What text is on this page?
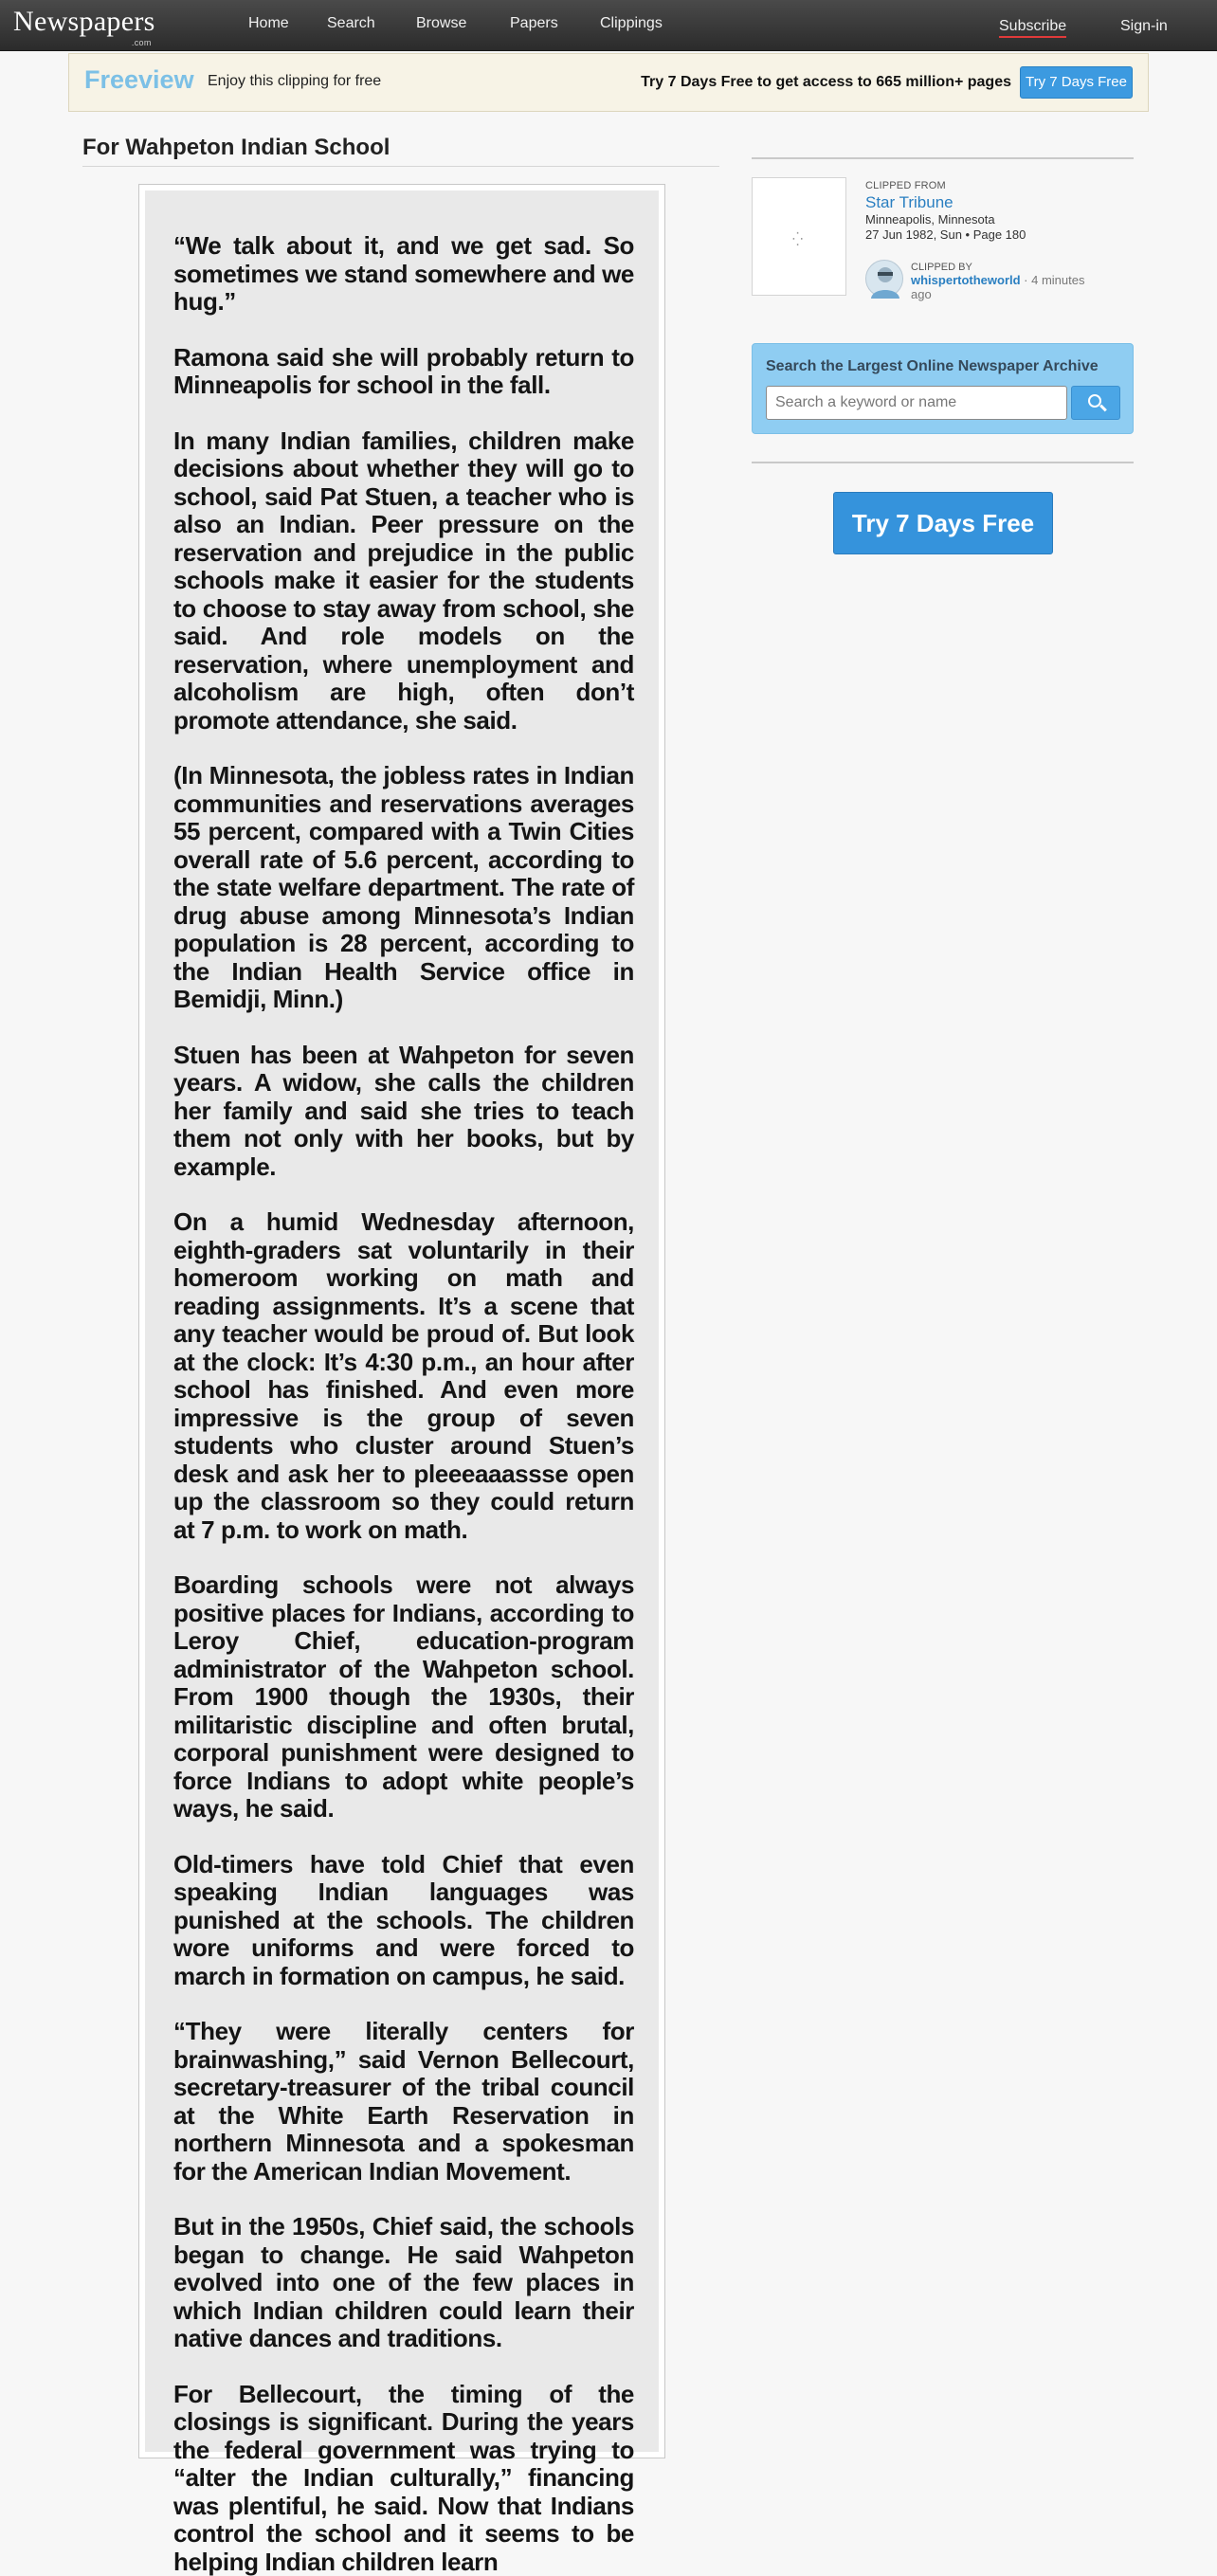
Newspapers
.com
Home	Search	Browse	Papers	Clippings	Subscribe	Sign-in
Freeview Enjoy this clipping for free	Try 7 Days Free to get access to 665 million+ pages	Try 7 Days Free
For Wahpeton Indian School

“We talk about it, and we get sad. So sometimes we stand somewhere and we hug.”

Ramona said she will probably return to Minneapolis for school in the fall.

In many Indian families, children make decisions about whether they will go to school, said Pat Stuen, a teacher who is also an Indian. Peer pressure on the reservation and prejudice in the public schools make it easier for the students to choose to stay away from school, she said. And role models on the reservation, where unemployment and alcoholism are high, often don’t promote attendance, she said.

(In Minnesota, the jobless rates in Indian communities and reservations averages 55 percent, compared with a Twin Cities overall rate of 5.6 percent, according to the state welfare department. The rate of drug abuse among Minnesota’s Indian population is 28 percent, according to the Indian Health Service office in Bemidji, Minn.)

Stuen has been at Wahpeton for seven years. A widow, she calls the children her family and said she tries to teach them not only with her books, but by example.

On a humid Wednesday afternoon, eighth-graders sat voluntarily in their homeroom working on math and reading assignments. It’s a scene that any teacher would be proud of. But look at the clock: It’s 4:30 p.m., an hour after school has finished. And even more impressive is the group of seven students who cluster around Stuen’s desk and ask her to pleeeaaassse open up the classroom so they could return at 7 p.m. to work on math.

Boarding schools were not always positive places for Indians, according to Leroy Chief, education-program administrator of the Wahpeton school. From 1900 though the 1930s, their militaristic discipline and often brutal, corporal punishment were designed to force Indians to adopt white people’s ways, he said.

Old-timers have told Chief that even speaking Indian languages was punished at the schools. The children wore uniforms and were forced to march in formation on campus, he said.

“They were literally centers for brainwashing,” said Vernon Bellecourt, secretary-treasurer of the tribal council at the White Earth Reservation in northern Minnesota and a spokesman for the American Indian Movement.

But in the 1950s, Chief said, the schools began to change. He said Wahpeton evolved into one of the few places in which Indian children could learn their native dances and traditions.

For Bellecourt, the timing of the closings is significant. During the years the federal government was trying to “alter the Indian culturally,” financing was plentiful, he said. Now that Indians control the school and it seems to be helping Indian children learn

⁛
CLIPPED FROM
Star Tribune
Minneapolis, Minnesota
27 Jun 1982, Sun • Page 180
CLIPPED BY
whispertotheworld · 4 minutes ago
Search the Largest Online Newspaper Archive
Search a keyword or name
Try 7 Days Free
